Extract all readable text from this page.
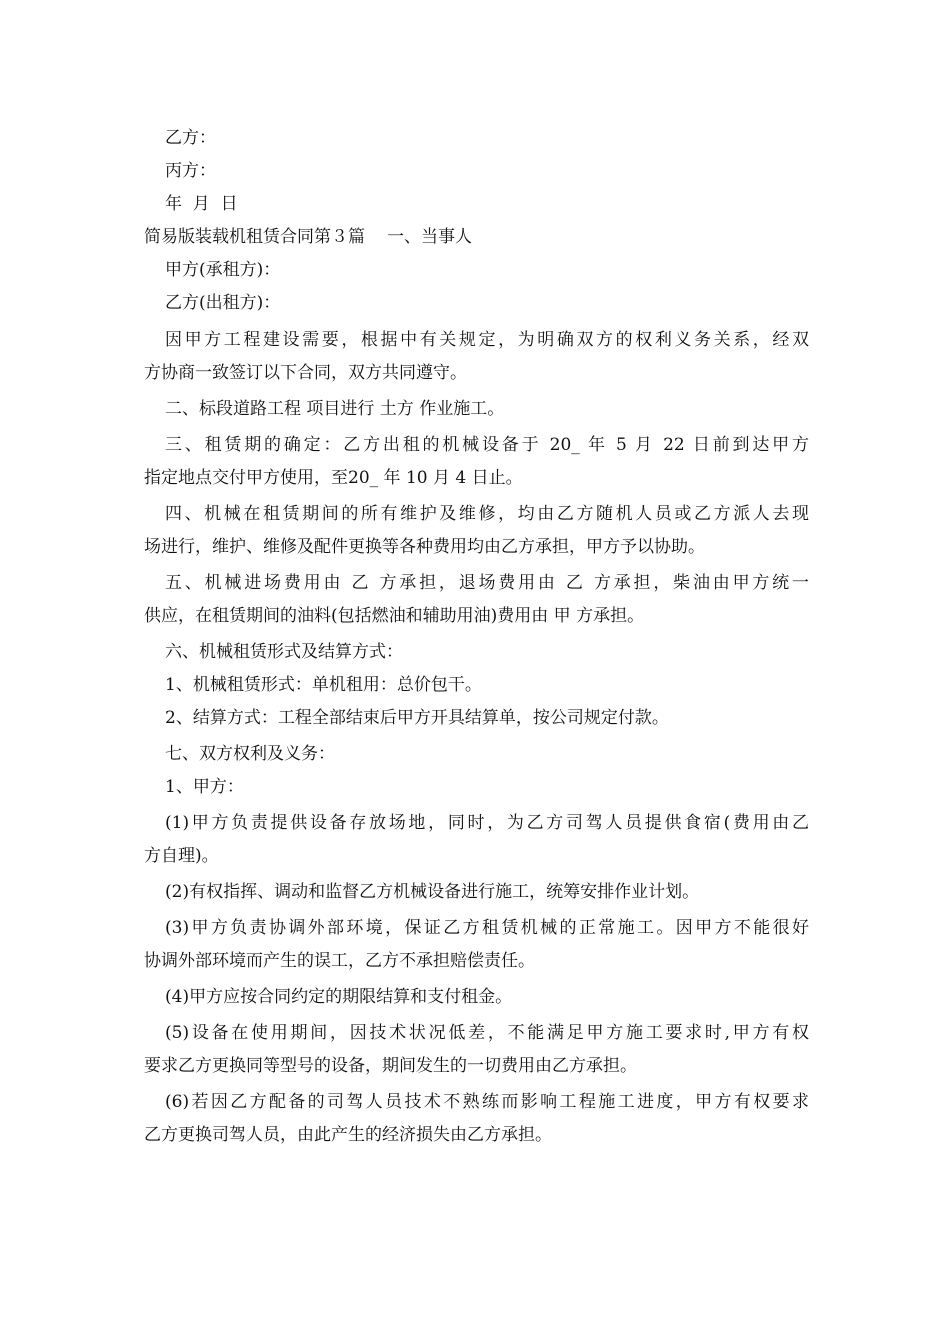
乙方：
丙方：
年  月  日
简易版装载机租赁合同第３篇 一、当事人
甲方(承租方)：
乙方(出租方)：
因甲方工程建设需要，根据中有关规定，为明确双方的权利义务关系，经双
方协商一致签订以下合同，双方共同遵守。
二、标段道路工程 项目进行 土方 作业施工。
三、租赁期的确定：乙方出租的机械设备于 20_ 年 5 月 22 日前到达甲方
指定地点交付甲方使用，至20_ 年 10 月 4 日止。
四、机械在租赁期间的所有维护及维修，均由乙方随机人员或乙方派人去现
场进行，维护、维修及配件更换等各种费用均由乙方承担，甲方予以协助。
五、机械进场费用由 乙 方承担，退场费用由 乙 方承担，柴油由甲方统一
供应，在租赁期间的油料(包括燃油和辅助用油)费用由 甲 方承担。
六、机械租赁形式及结算方式：
1、机械租赁形式：单机租用：总价包干。
2、结算方式：工程全部结束后甲方开具结算单，按公司规定付款。
七、双方权利及义务：
1、甲方：
(1)甲方负责提供设备存放场地，同时，为乙方司驾人员提供食宿(费用由乙
方自理)。
(2)有权指挥、调动和监督乙方机械设备进行施工，统筹安排作业计划。
(3)甲方负责协调外部环境，保证乙方租赁机械的正常施工。因甲方不能很好
协调外部环境而产生的误工，乙方不承担赔偿责任。
(4)甲方应按合同约定的期限结算和支付租金。
(5)设备在使用期间，因技术状况低差，不能满足甲方施工要求时,甲方有权
要求乙方更换同等型号的设备，期间发生的一切费用由乙方承担。
(6)若因乙方配备的司驾人员技术不熟练而影响工程施工进度，甲方有权要求
乙方更换司驾人员，由此产生的经济损失由乙方承担。
